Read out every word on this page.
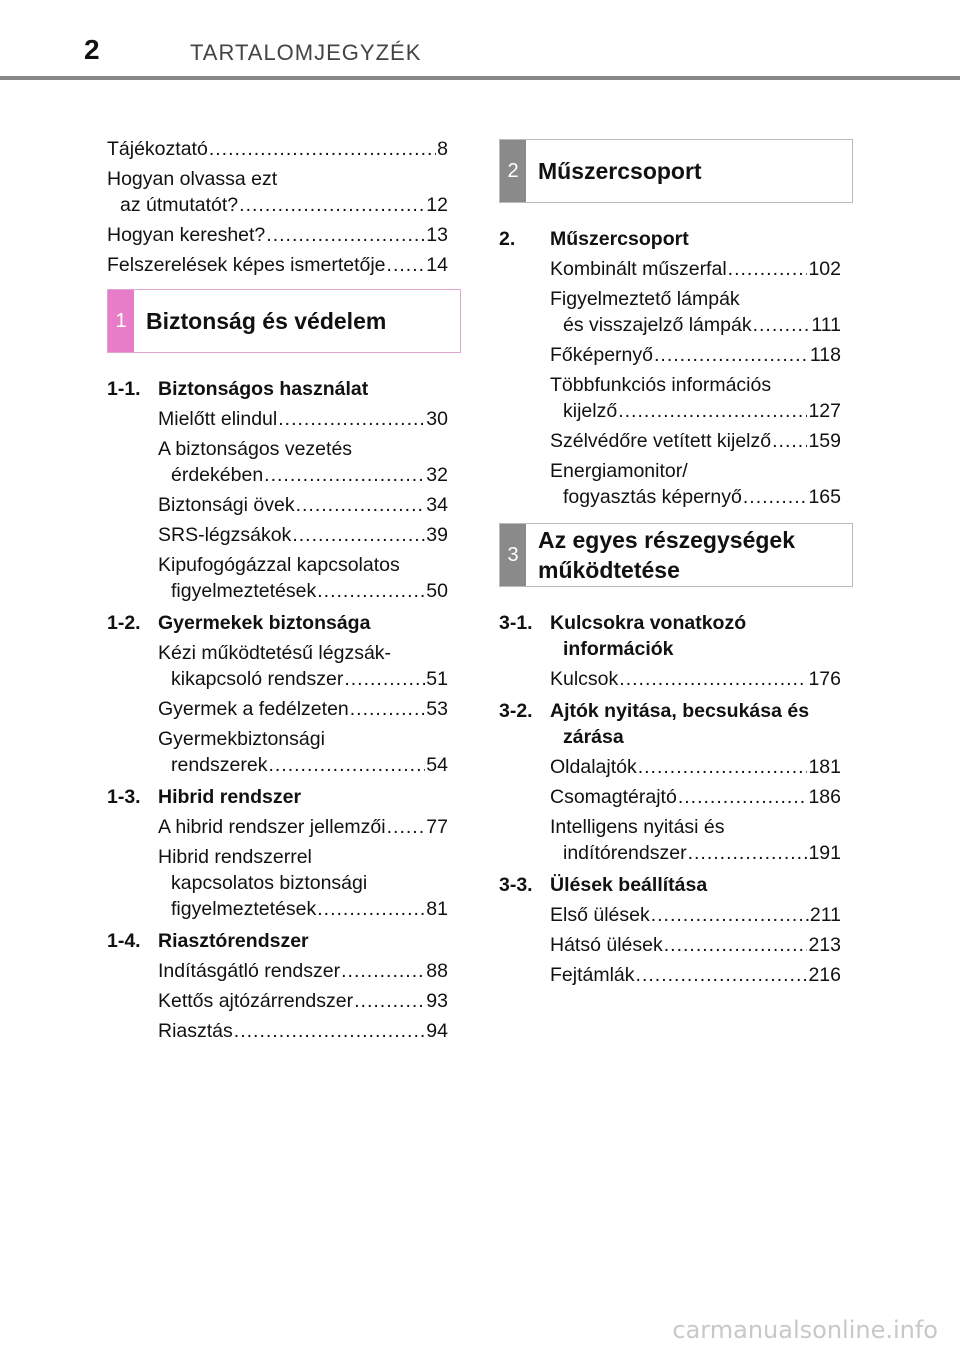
2	TARTALOMJEGYZÉK
Tájékoztató .....	8
Hogyan olvassa ezt
az útmutatót? .....	12
Hogyan kereshet? .....	13
Felszerelések képes ismertetője ..... 14
1 Biztonság és védelem
1-1. Biztonságos használat
Mielőtt elindul .....	30
A biztonságos vezetés
érdekében .....	32
Biztonsági övek .....	34
SRS-légzsákok .....	39
Kipufogógázzal kapcsolatos
figyelmeztetések .....	50
1-2. Gyermekek biztonsága
Kézi működtetésű légzsák-
kikapcsoló rendszer .....	51
Gyermek a fedélzeten .....	53
Gyermekbiztonsági
rendszerek .....	54
1-3. Hibrid rendszer
A hibrid rendszer jellemzői ..... 77
Hibrid rendszerrel
kapcsolatos biztonsági
figyelmeztetések .....	81
1-4. Riasztórendszer
Indításgátló rendszer .....	88
Kettős ajtózárrendszer .....	93
Riasztás .....	94
2 Műszercsoport
2. Műszercsoport
Kombinált műszerfal .....	102
Figyelmeztető lámpák
és visszajelző lámpák .....	111
Főképernyő .....	118
Többfunkciós információs
kijelző .....	127
Szélvédőre vetített kijelző ..... 159
Energiamonitor/
fogyasztás képernyő .....	165
3
Az egyes részegységek
működtetése
3-1. Kulcsokra vonatkozó
információk
Kulcsok .....	176
3-2. Ajtók nyitása, becsukása és
zárása
Oldalajtók .....	181
Csomagtérajtó .....	186
Intelligens nyitási és
indítórendszer .....	191
3-3. Ülések beállítása
Első ülések .....	211
Hátsó ülések .....	213
Fejtámlák .....	216
carmanualsonline.info
